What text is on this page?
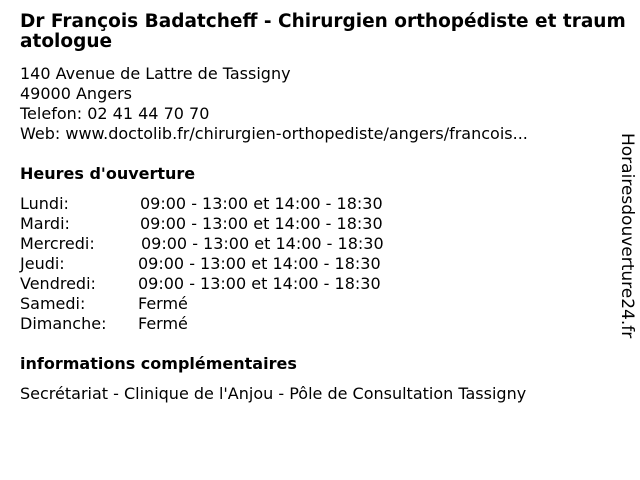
Dr François Badatcheff - Chirurgien orthopédiste et traumatologue
140 Avenue de Lattre de Tassigny
49000 Angers
Telefon: 02 41 44 70 70
Web: www.doctolib.fr/chirurgien-orthopediste/angers/francois...
Heures d'ouverture
Lundi:	09:00 - 13:00 et 14:00 - 18:30
Mardi:	09:00 - 13:00 et 14:00 - 18:30
Mercredi:	09:00 - 13:00 et 14:00 - 18:30
Jeudi:	09:00 - 13:00 et 14:00 - 18:30
Vendredi:	09:00 - 13:00 et 14:00 - 18:30
Samedi:	Fermé
Dimanche: Fermé
informations complémentaires
Secrétariat - Clinique de l'Anjou - Pôle de Consultation Tassigny
Horairesdouverture24.fr
